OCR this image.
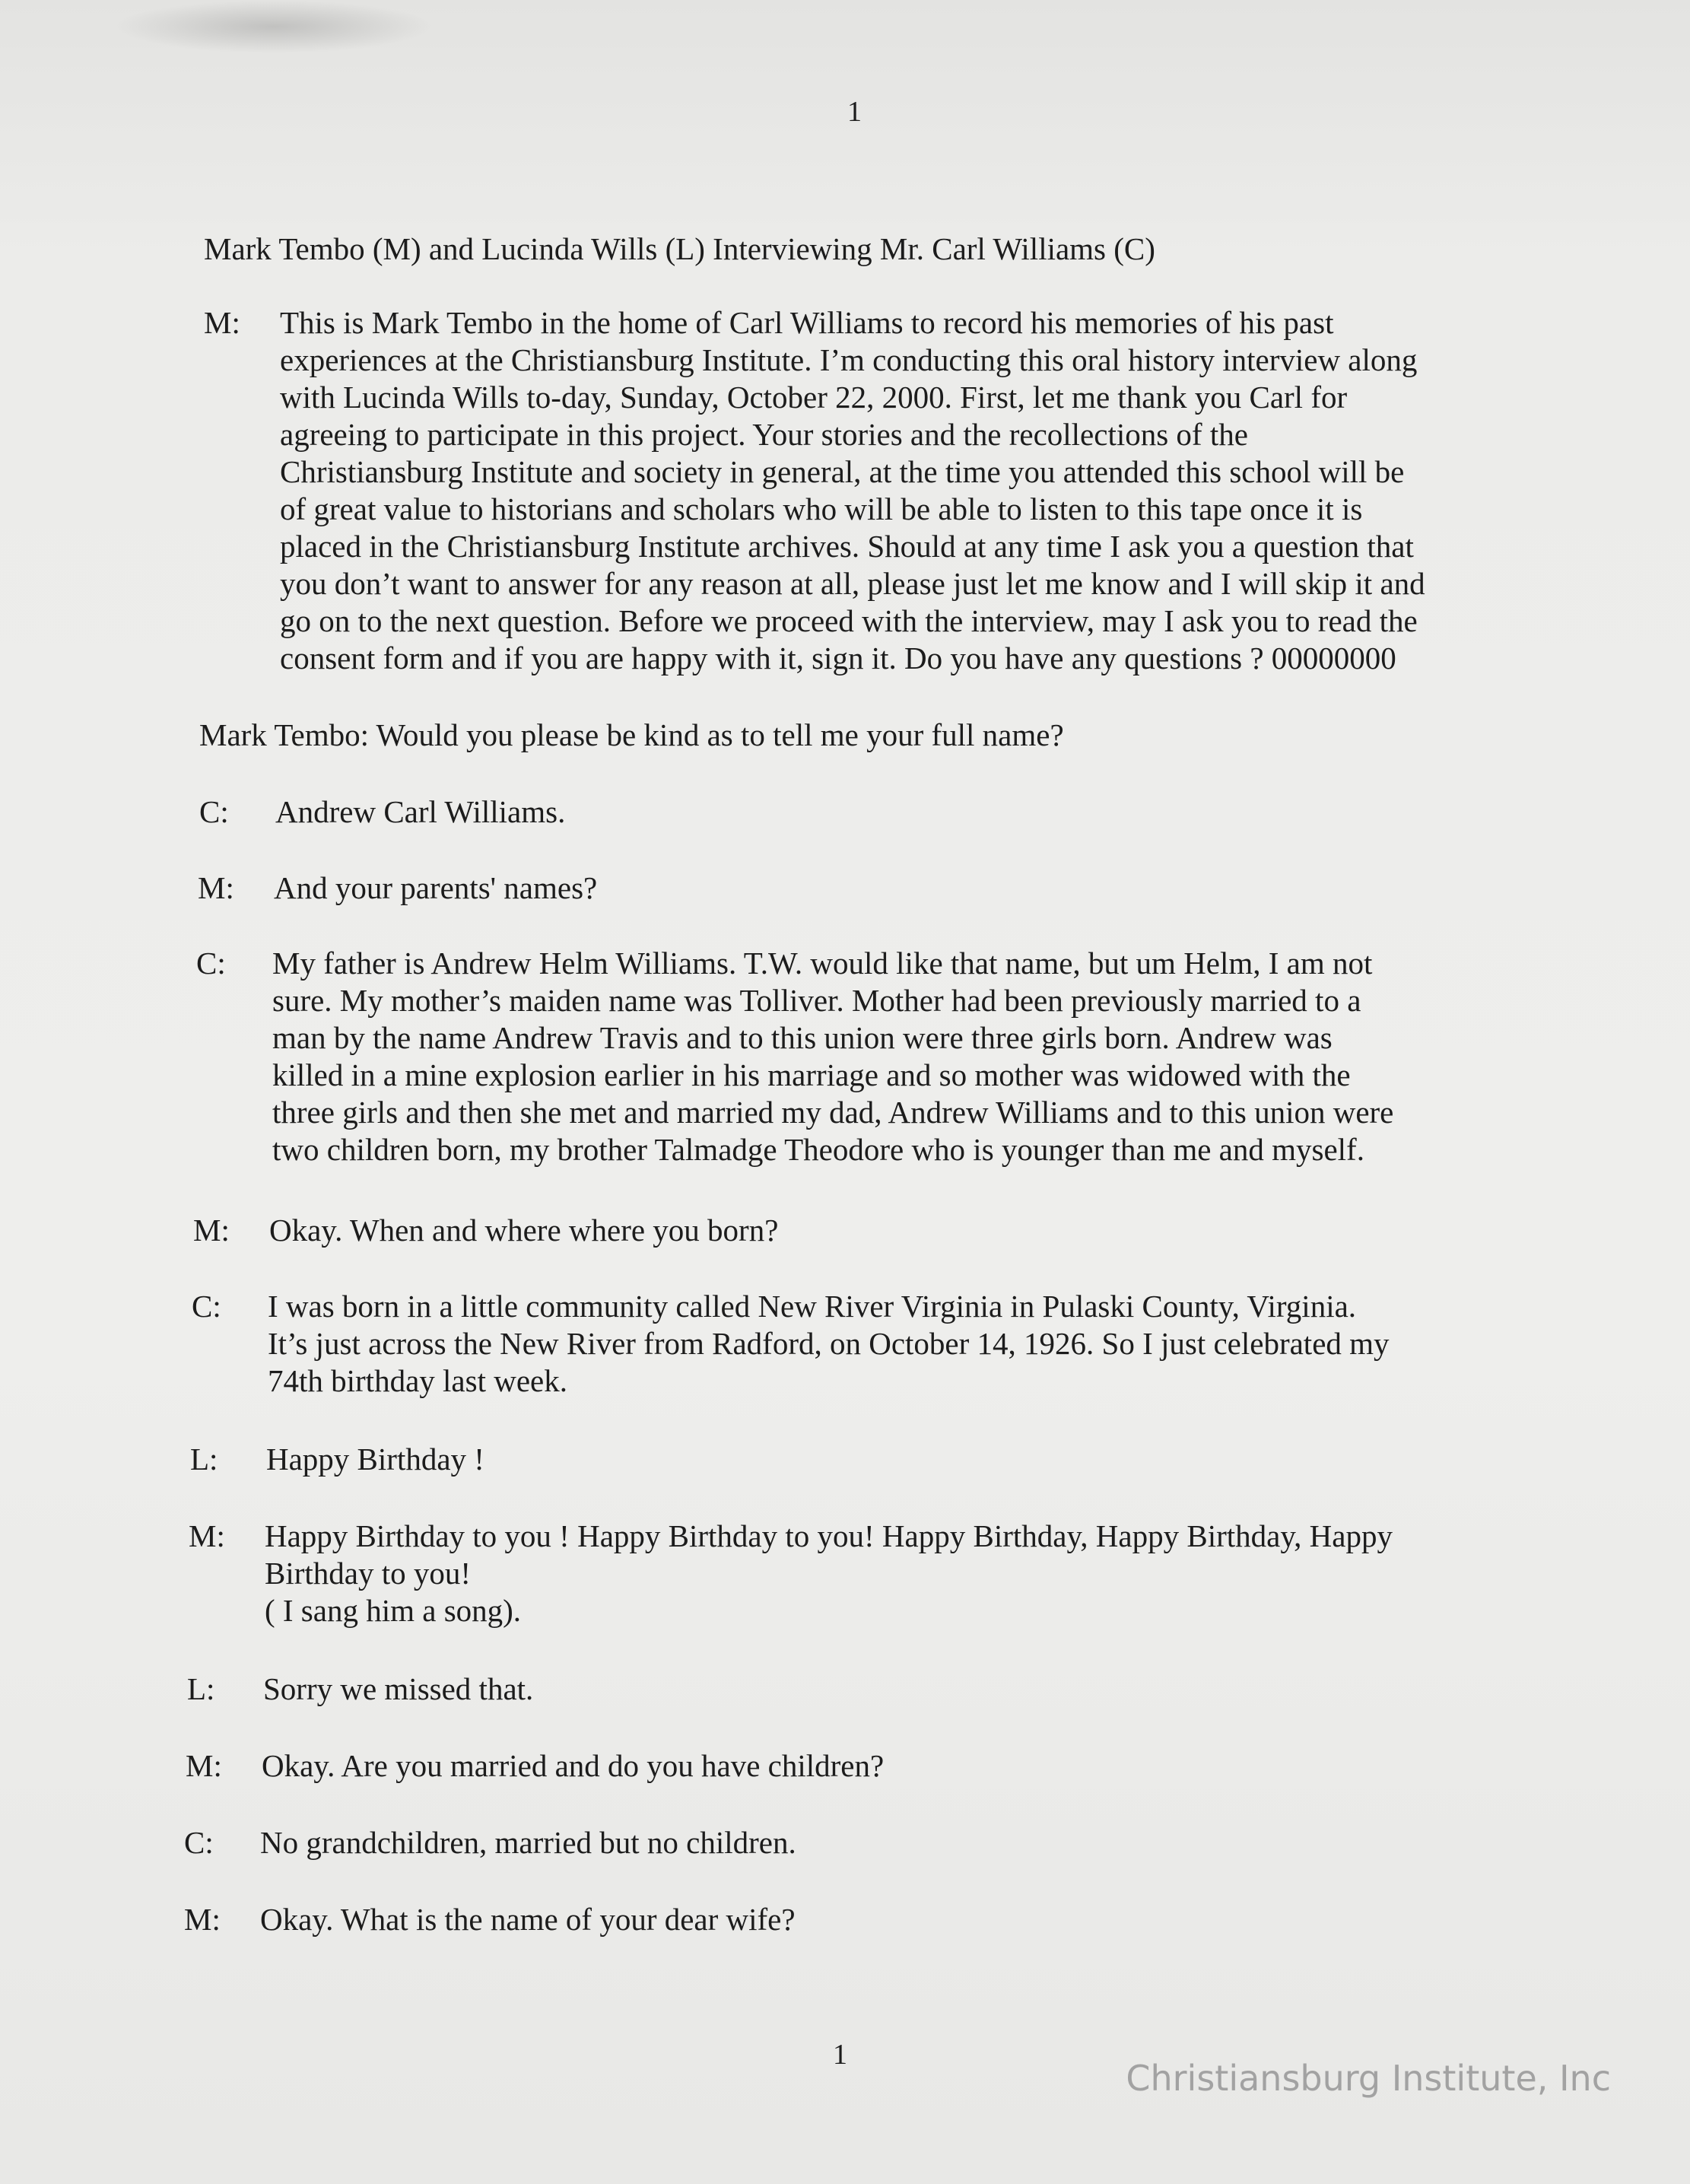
1
Mark Tembo (M) and Lucinda Wills (L) Interviewing Mr. Carl Williams (C)
M: This is Mark Tembo in the home of Carl Williams to record his memories of his past
experiences at the Christiansburg Institute. I’m conducting this oral history interview along
with Lucinda Wills to-day, Sunday, October 22, 2000. First, let me thank you Carl for
agreeing to participate in this project. Your stories and the recollections of the
Christiansburg Institute and society in general, at the time you attended this school will be
of great value to historians and scholars who will be able to listen to this tape once it is
placed in the Christiansburg Institute archives. Should at any time I ask you a question that
you don’t want to answer for any reason at all, please just let me know and I will skip it and
go on to the next question. Before we proceed with the interview, may I ask you to read the
consent form and if you are happy with it, sign it. Do you have any questions ? 00000000
Mark Tembo: Would you please be kind as to tell me your full name?
C: Andrew Carl Williams.
M: And your parents' names?
C: My father is Andrew Helm Williams. T.W. would like that name, but um Helm, I am not
sure. My mother’s maiden name was Tolliver. Mother had been previously married to a
man by the name Andrew Travis and to this union were three girls born. Andrew was
killed in a mine explosion earlier in his marriage and so mother was widowed with the
three girls and then she met and married my dad, Andrew Williams and to this union were
two children born, my brother Talmadge Theodore who is younger than me and myself.
M: Okay. When and where where you born?
C: I was born in a little community called New River Virginia in Pulaski County, Virginia.
It’s just across the New River from Radford, on October 14, 1926. So I just celebrated my
74th birthday last week.
L: Happy Birthday !
M: Happy Birthday to you ! Happy Birthday to you! Happy Birthday, Happy Birthday, Happy
Birthday to you!
( I sang him a song).
L: Sorry we missed that.
M: Okay. Are you married and do you have children?
C: No grandchildren, married but no children.
M: Okay. What is the name of your dear wife?
1
Christiansburg Institute, Inc
